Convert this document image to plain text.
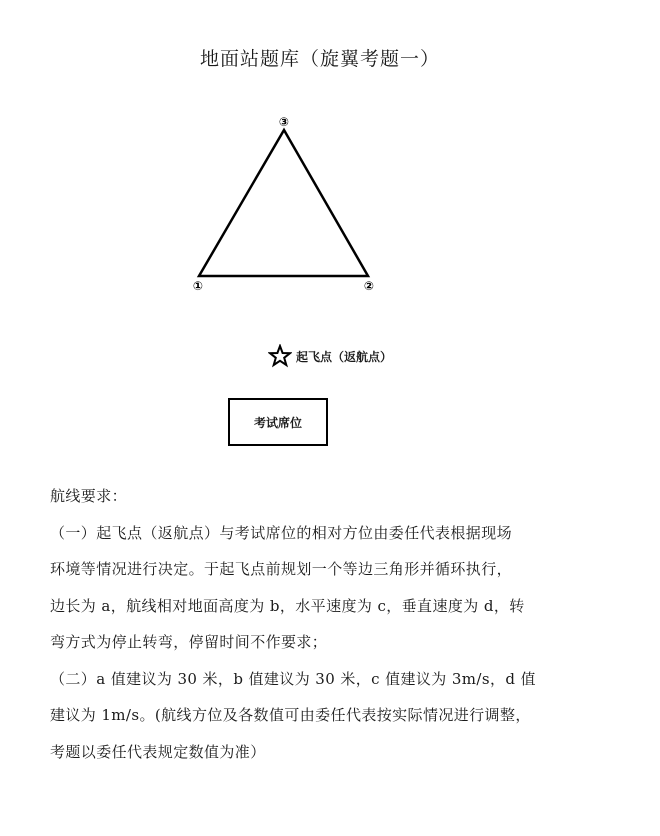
地面站题库（旋翼考题一）
①	②
③
起飞点（返航点）
考试席位

航线要求：

（一）起飞点（返航点）与考试席位的相对方位由委任代表根据现场

环境等情况进行决定。于起飞点前规划一个等边三角形并循环执行，

边长为 a，航线相对地面高度为 b，水平速度为 c，垂直速度为 d，转

弯方式为停止转弯，停留时间不作要求；

（二）a 值建议为 30 米，b 值建议为 30 米，c 值建议为 3m/s，d 值

建议为 1m/s。(航线方位及各数值可由委任代表按实际情况进行调整，

考题以委任代表规定数值为准）
